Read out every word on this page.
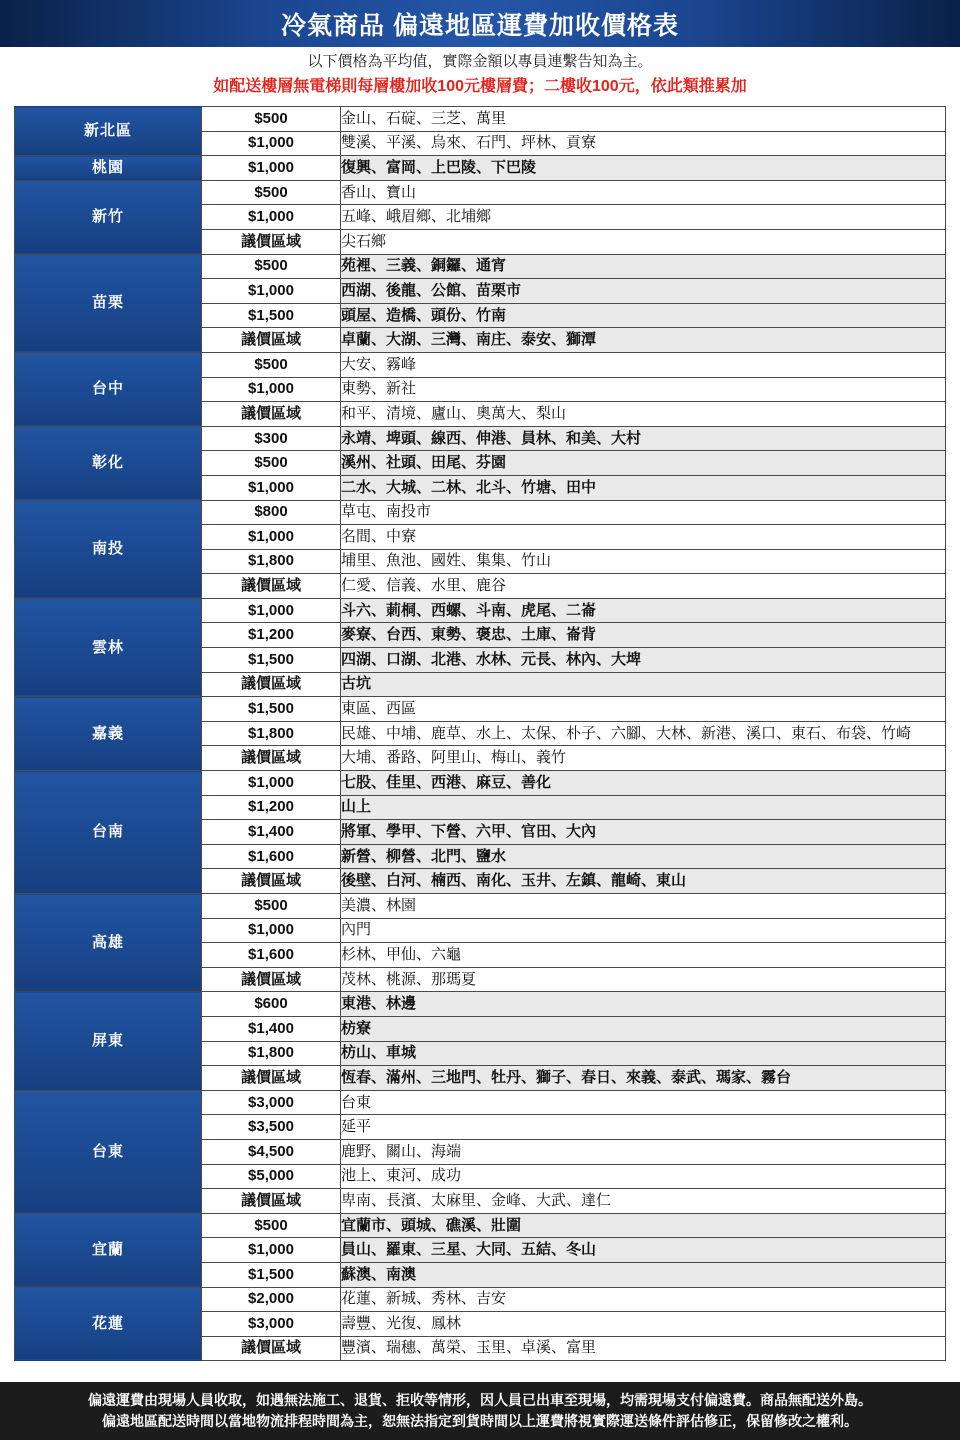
冷氣商品 偏遠地區運費加收價格表
以下價格為平均值，實際金額以專員連繫告知為主。
如配送樓層無電梯則每層樓加收100元樓層費；二樓收100元，依此類推累加
新北區	$500	金山、石碇、三芝、萬里
	$1,000	雙溪、平溪、烏來、石門、坪林、貢寮
桃園	$1,000	復興、富岡、上巴陵、下巴陵
新竹	$500	香山、寶山
	$1,000	五峰、峨眉鄉、北埔鄉
	議價區域	尖石鄉
苗栗	$500	苑裡、三義、銅鑼、通宵
	$1,000	西湖、後龍、公館、苗栗市
	$1,500	頭屋、造橋、頭份、竹南
	議價區域	卓蘭、大湖、三灣、南庄、泰安、獅潭
台中	$500	大安、霧峰
	$1,000	東勢、新社
	議價區域	和平、清境、廬山、奧萬大、梨山
彰化	$300	永靖、埤頭、線西、伸港、員林、和美、大村
	$500	溪州、社頭、田尾、芬園
	$1,000	二水、大城、二林、北斗、竹塘、田中
南投	$800	草屯、南投市
	$1,000	名間、中寮
	$1,800	埔里、魚池、國姓、集集、竹山
	議價區域	仁愛、信義、水里、鹿谷
雲林	$1,000	斗六、莿桐、西螺、斗南、虎尾、二崙
	$1,200	麥寮、台西、東勢、褒忠、土庫、崙背
	$1,500	四湖、口湖、北港、水林、元長、林內、大埤
	議價區域	古坑
嘉義	$1,500	東區、西區
	$1,800	民雄、中埔、鹿草、水上、太保、朴子、六腳、大林、新港、溪口、東石、布袋、竹崎
	議價區域	大埔、番路、阿里山、梅山、義竹
台南	$1,000	七股、佳里、西港、麻豆、善化
	$1,200	山上
	$1,400	將軍、學甲、下營、六甲、官田、大內
	$1,600	新營、柳營、北門、鹽水
	議價區域	後壁、白河、楠西、南化、玉井、左鎮、龍崎、東山
高雄	$500	美濃、林園
	$1,000	內門
	$1,600	杉林、甲仙、六龜
	議價區域	茂林、桃源、那瑪夏
屏東	$600	東港、林邊
	$1,400	枋寮
	$1,800	枋山、車城
	議價區域	恆春、滿州、三地門、牡丹、獅子、春日、來義、泰武、瑪家、霧台
台東	$3,000	台東
	$3,500	延平
	$4,500	鹿野、關山、海端
	$5,000	池上、東河、成功
	議價區域	卑南、長濱、太麻里、金峰、大武、達仁
宜蘭	$500	宜蘭市、頭城、礁溪、壯圍
	$1,000	員山、羅東、三星、大同、五結、冬山
	$1,500	蘇澳、南澳
花蓮	$2,000	花蓮、新城、秀林、吉安
	$3,000	壽豐、光復、鳳林
	議價區域	豐濱、瑞穗、萬榮、玉里、卓溪、富里

偏遠運費由現場人員收取，如遇無法施工、退貨、拒收等情形，因人員已出車至現場，均需現場支付偏遠費。商品無配送外島。

偏遠地區配送時間以當地物流排程時間為主，恕無法指定到貨時間以上運費將視實際運送條件評估修正，保留修改之權利。
